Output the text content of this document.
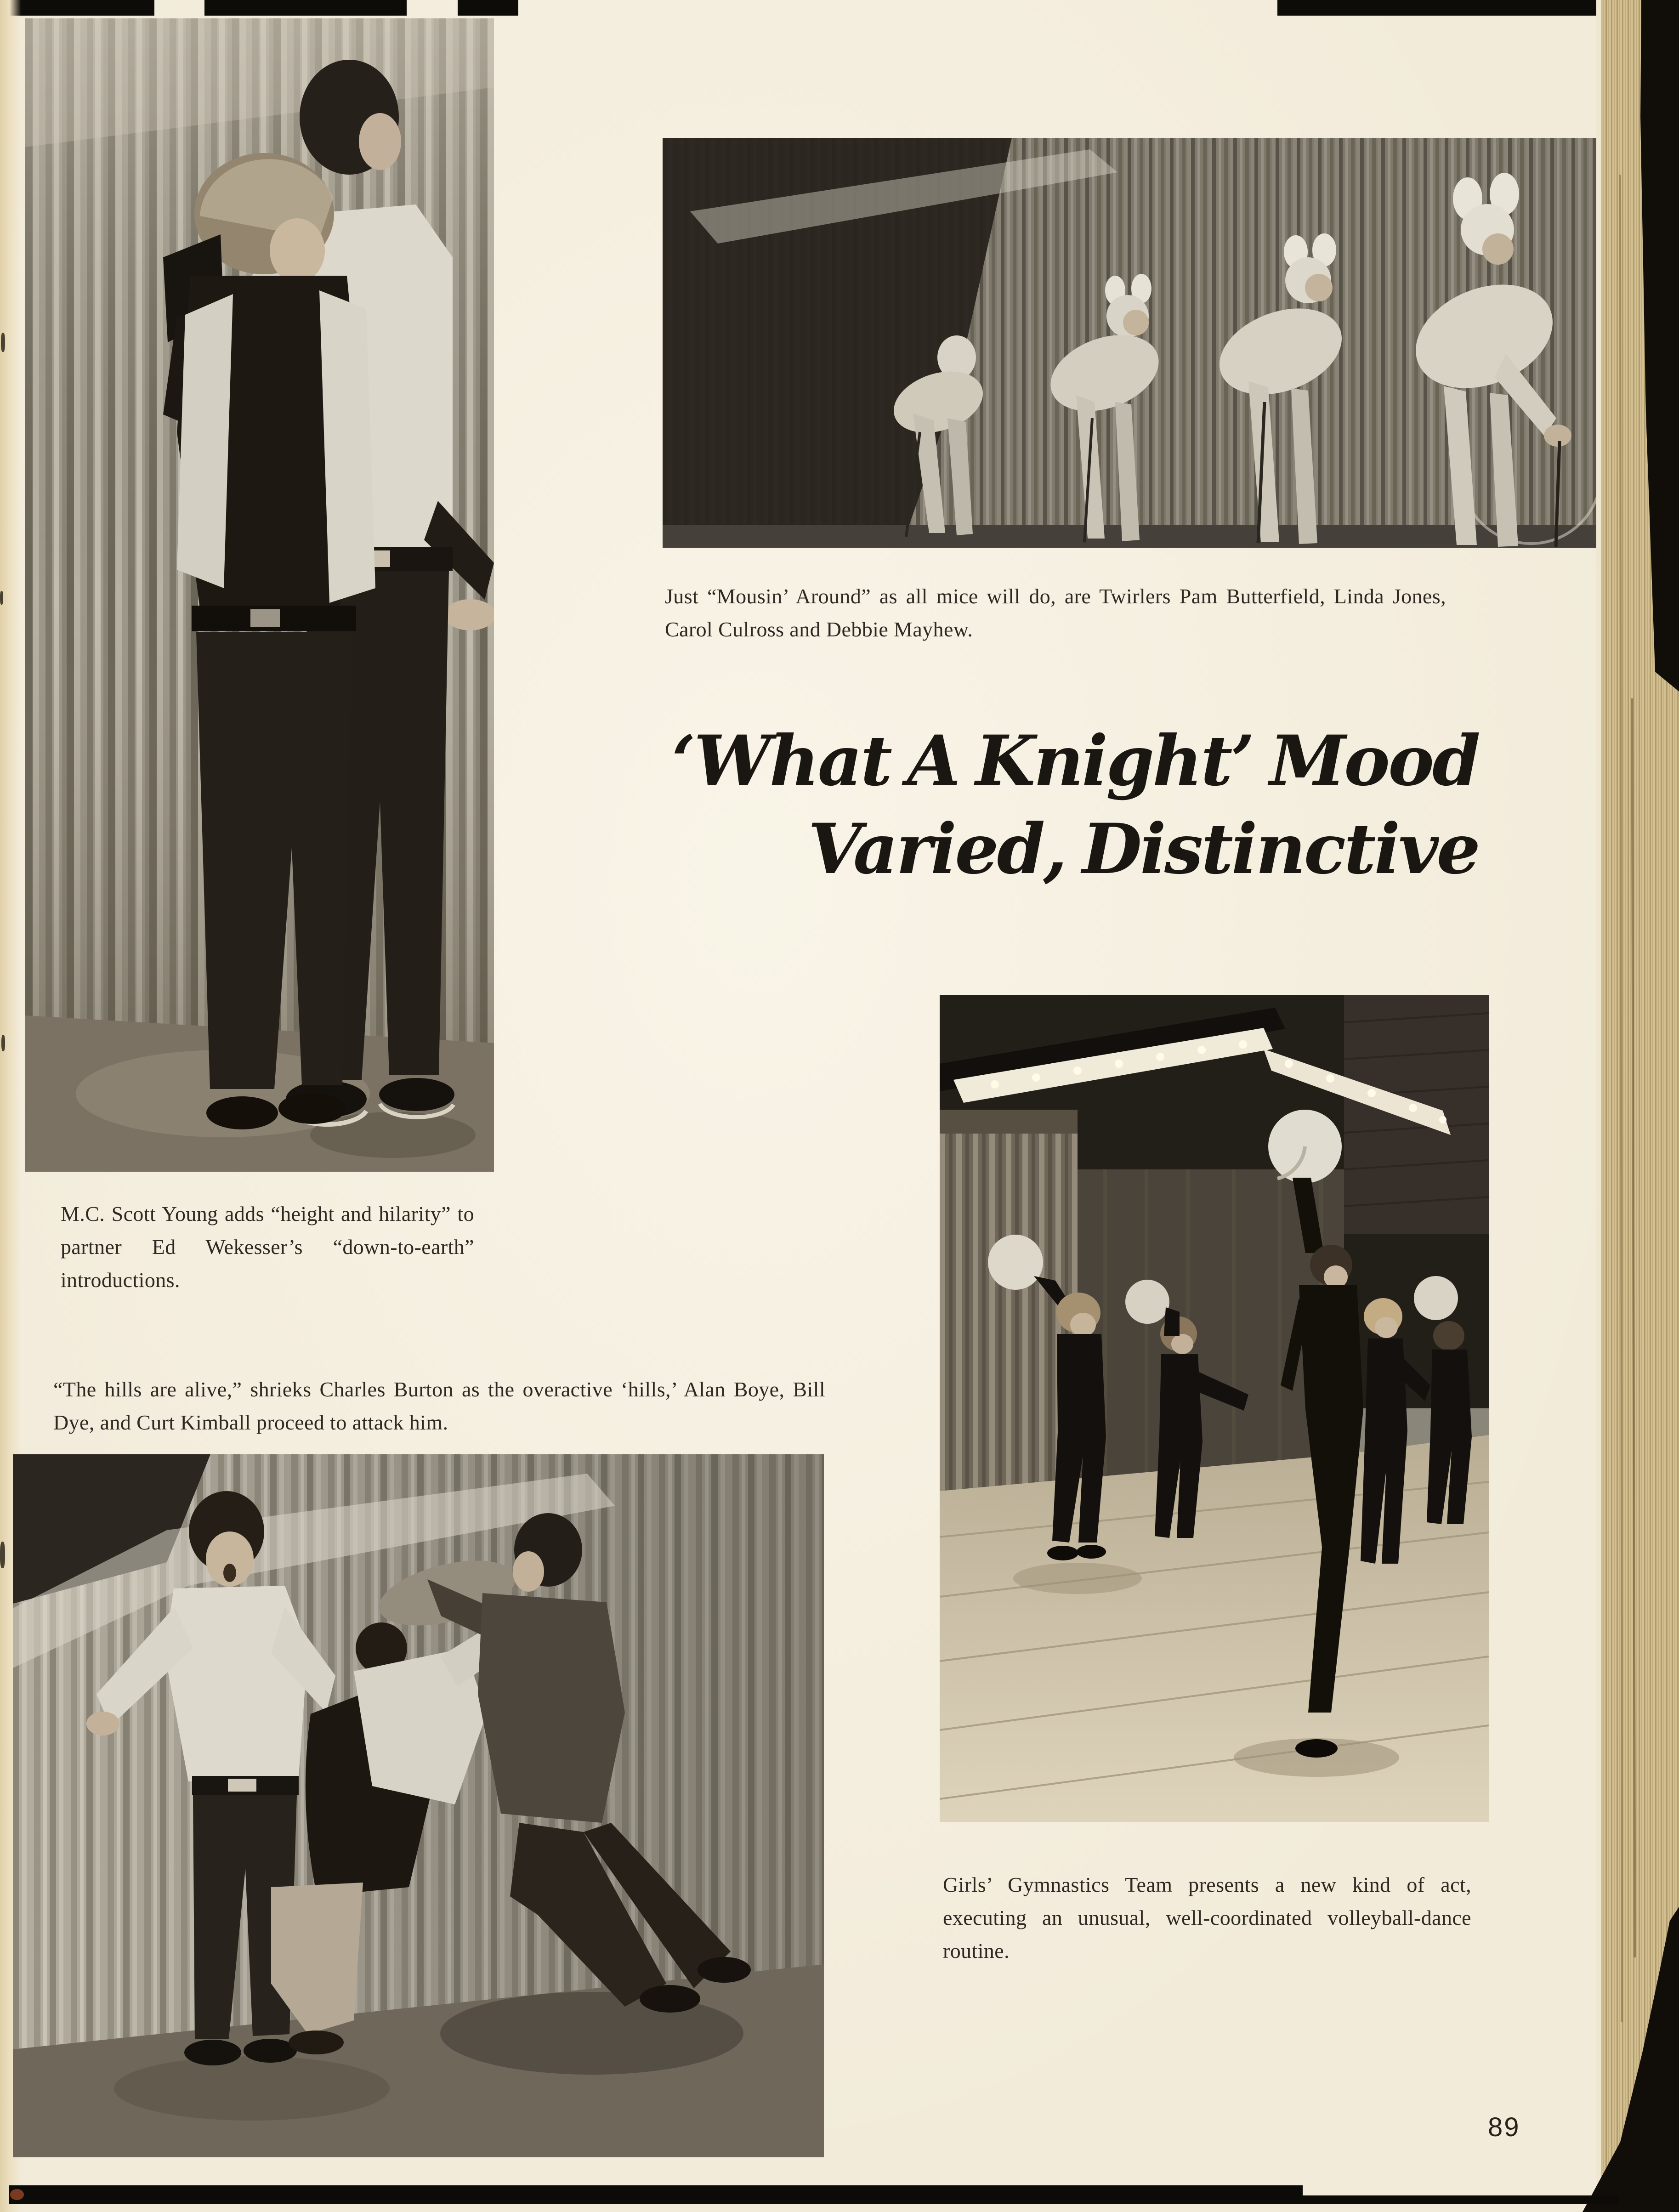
Just “Mousin’ Around” as all mice will do, are Twirlers Pam Butterfield, Linda Jones, Carol Culross and Debbie Mayhew.
‘What A Knight’ Mood
Varied, Distinctive
M.C. Scott Young adds “height and hilarity” to partner Ed Wekesser’s “down-to-earth” introductions.
“The hills are alive,” shrieks Charles Burton as the overactive ‘hills,’ Alan Boye, Bill Dye, and Curt Kimball proceed to attack him.
Girls’ Gymnastics Team presents a new kind of act, executing an unusual, well-coordinated volleyball-dance routine.
89
